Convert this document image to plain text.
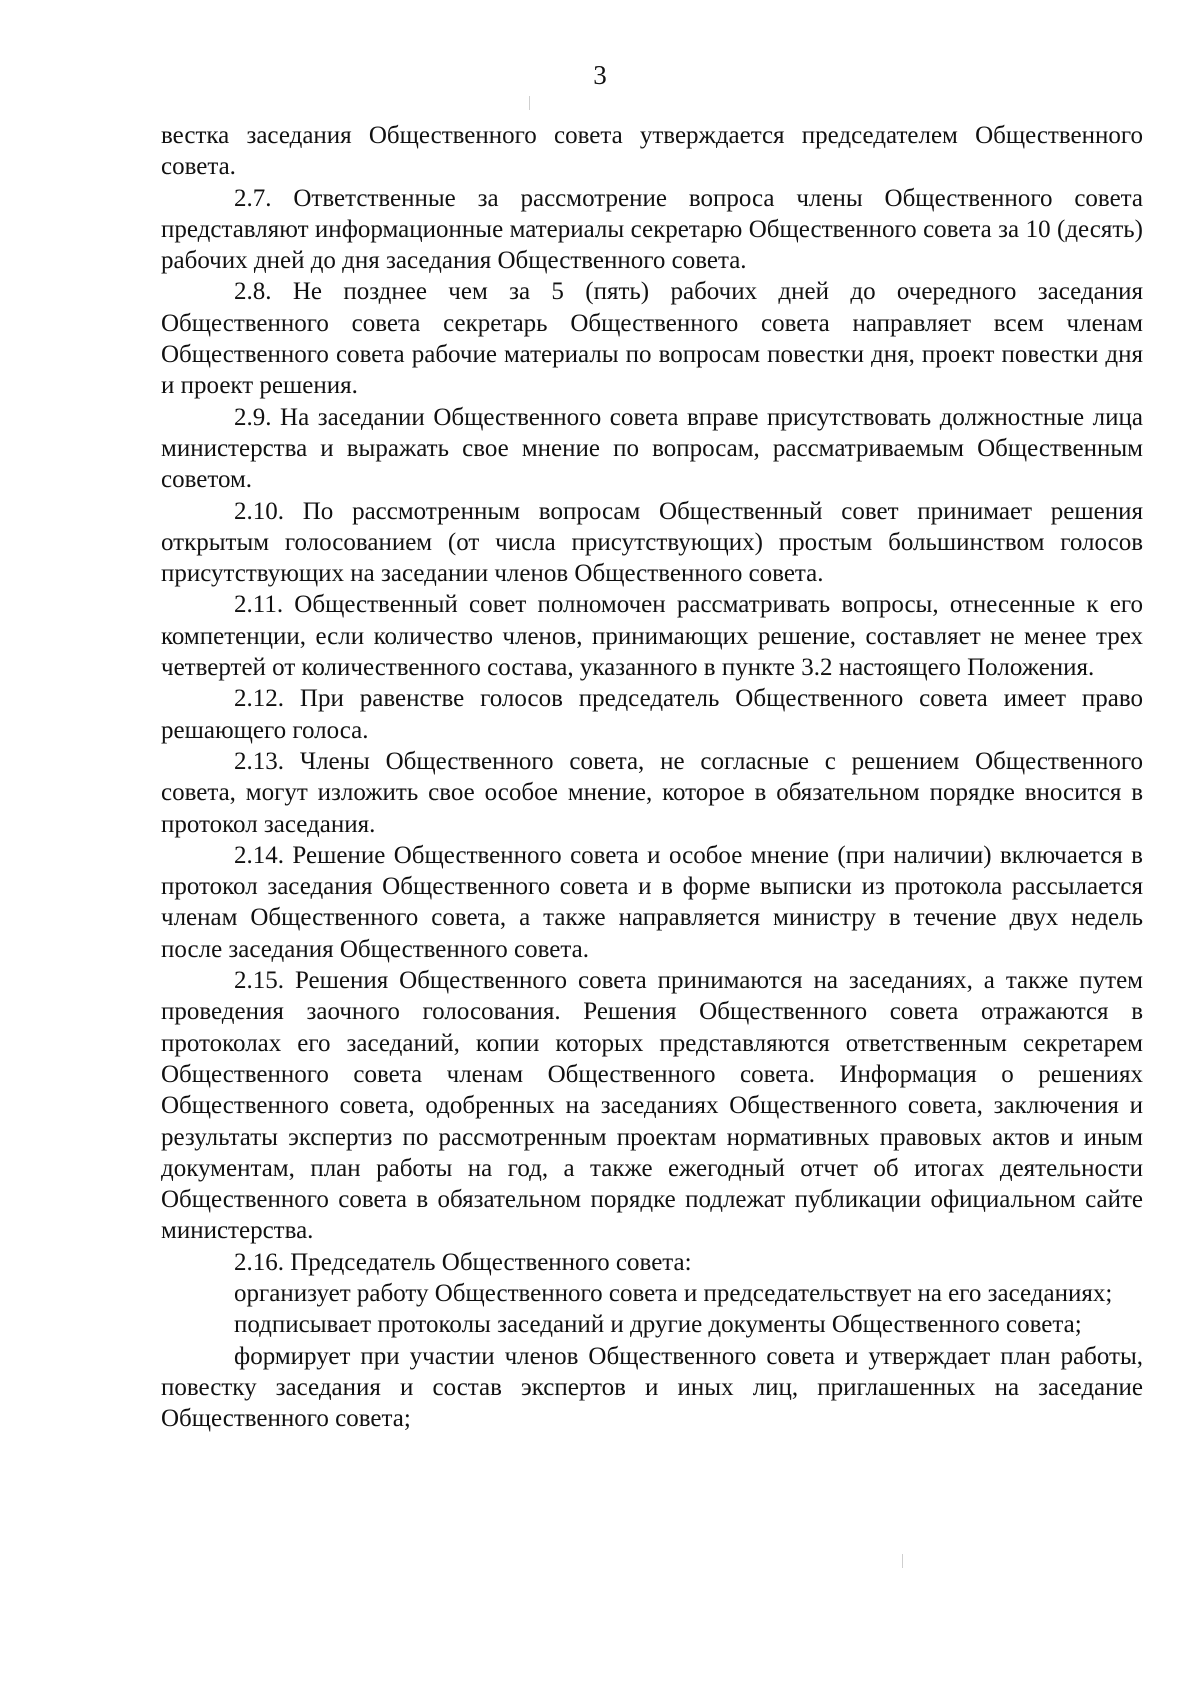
3

вестка заседания Общественного совета утверждается председателем Общественного совета.

2.7. Ответственные за рассмотрение вопроса члены Общественного совета представляют информационные материалы секретарю Общественного совета за 10 (десять) рабочих дней до дня заседания Общественного совета.

2.8. Не позднее чем за 5 (пять) рабочих дней до очередного заседания Общественного совета секретарь Общественного совета направляет всем членам Общественного совета рабочие материалы по вопросам повестки дня, проект повестки дня и проект решения.

2.9. На заседании Общественного совета вправе присутствовать должностные лица министерства и выражать свое мнение по вопросам, рассматриваемым Общественным советом.

2.10. По рассмотренным вопросам Общественный совет принимает решения открытым голосованием (от числа присутствующих) простым большинством голосов присутствующих на заседании членов Общественного совета.

2.11. Общественный совет полномочен рассматривать вопросы, отнесенные к его компетенции, если количество членов, принимающих решение, составляет не менее трех четвертей от количественного состава, указанного в пункте 3.2 настоящего Положения.

2.12. При равенстве голосов председатель Общественного совета имеет право решающего голоса.

2.13. Члены Общественного совета, не согласные с решением Общественного совета, могут изложить свое особое мнение, которое в обязательном порядке вносится в протокол заседания.

2.14. Решение Общественного совета и особое мнение (при наличии) включается в протокол заседания Общественного совета и в форме выписки из протокола рассылается членам Общественного совета, а также направляется министру в течение двух недель после заседания Общественного совета.

2.15. Решения Общественного совета принимаются на заседаниях, а также путем проведения заочного голосования. Решения Общественного совета отражаются в протоколах его заседаний, копии которых представляются ответственным секретарем Общественного совета членам Общественного совета. Информация о решениях Общественного совета, одобренных на заседаниях Общественного совета, заключения и результаты экспертиз по рассмотренным проектам нормативных правовых актов и иным документам, план работы на год, а также ежегодный отчет об итогах деятельности Общественного совета в обязательном порядке подлежат публикации официальном сайте министерства.

2.16. Председатель Общественного совета:

организует работу Общественного совета и председательствует на его заседаниях;

подписывает протоколы заседаний и другие документы Общественного совета;

формирует при участии членов Общественного совета и утверждает план работы, повестку заседания и состав экспертов и иных лиц, приглашенных на заседание Общественного совета;
